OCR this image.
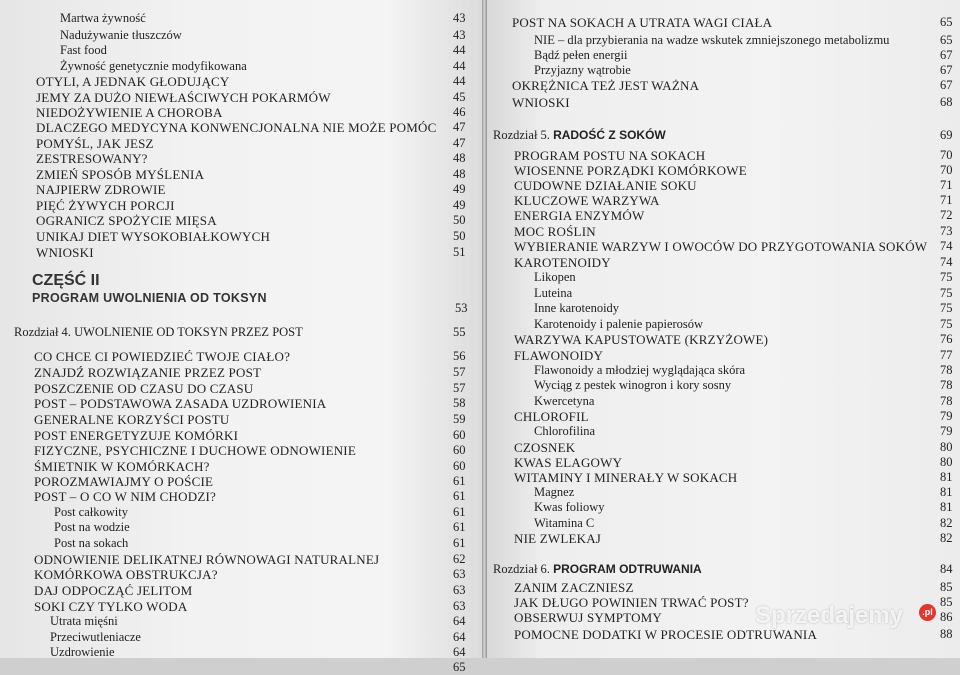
CZĘŚĆ II
PROGRAM UWOLNIENIA OD TOKSYN
53
Sprzedajemy	.pl
Martwa żywność	43
Nadużywanie tłuszczów	43
Fast food	44
Żywność genetycznie modyfikowana	44
OTYLI, A JEDNAK GŁODUJĄCY	44
JEMY ZA DUŻO NIEWŁAŚCIWYCH POKARMÓW	45
NIEDOŻYWIENIE A CHOROBA	46
DLACZEGO MEDYCYNA KONWENCJONALNA NIE MOŻE POMÓC 47
POMYŚL, JAK JESZ	47
ZESTRESOWANY?	48
ZMIEŃ SPOSÓB MYŚLENIA	48
NAJPIERW ZDROWIE	49
PIĘĆ ŻYWYCH PORCJI	49
OGRANICZ SPOŻYCIE MIĘSA	50
UNIKAJ DIET WYSOKOBIAŁKOWYCH	50
WNIOSKI	51
Rozdział 4. UWOLNIENIE OD TOKSYN PRZEZ POST	55
CO CHCE CI POWIEDZIEĆ TWOJE CIAŁO?	56
ZNAJDŹ ROZWIĄZANIE PRZEZ POST	57
POSZCZENIE OD CZASU DO CZASU	57
POST – PODSTAWOWA ZASADA UZDROWIENIA	58
GENERALNE KORZYŚCI POSTU	59
POST ENERGETYZUJE KOMÓRKI	60
FIZYCZNE, PSYCHICZNE I DUCHOWE ODNOWIENIE	60
ŚMIETNIK W KOMÓRKACH?	60
POROZMAWIAJMY O POŚCIE	61
POST – O CO W NIM CHODZI?	61
Post całkowity	61
Post na wodzie	61
Post na sokach	61
ODNOWIENIE DELIKATNEJ RÓWNOWAGI NATURALNEJ	62
KOMÓRKOWA OBSTRUKCJA?	63
DAJ ODPOCZĄĆ JELITOM	63
SOKI CZY TYLKO WODA	63
Utrata mięśni	64
Przeciwutleniacze	64
Uzdrowienie	64
65
POST NA SOKACH A UTRATA WAGI CIAŁA	65
NIE – dla przybierania na wadze wskutek zmniejszonego metabolizmu	65
Bądź pełen energii	67
Przyjazny wątrobie	67
OKRĘŻNICA TEŻ JEST WAŻNA	67
WNIOSKI	68
Rozdział 5. RADOŚĆ Z SOKÓW	69
PROGRAM POSTU NA SOKACH	70
WIOSENNE PORZĄDKI KOMÓRKOWE	70
CUDOWNE DZIAŁANIE SOKU	71
KLUCZOWE WARZYWA	71
ENERGIA ENZYMÓW	72
MOC ROŚLIN	73
WYBIERANIE WARZYW I OWOCÓW DO PRZYGOTOWANIA SOKÓW 74
KAROTENOIDY	74
Likopen	75
Luteina	75
Inne karotenoidy	75
Karotenoidy i palenie papierosów	75
WARZYWA KAPUSTOWATE (KRZYŻOWE)	76
FLAWONOIDY	77
Flawonoidy a młodziej wyglądająca skóra	78
Wyciąg z pestek winogron i kory sosny	78
Kwercetyna	78
CHLOROFIL	79
Chlorofilina	79
CZOSNEK	80
KWAS ELAGOWY	80
WITAMINY I MINERAŁY W SOKACH	81
Magnez	81
Kwas foliowy	81
Witamina C	82
NIE ZWLEKAJ	82
Rozdział 6. PROGRAM ODTRUWANIA	84
ZANIM ZACZNIESZ	85
JAK DŁUGO POWINIEN TRWAĆ POST?	85
OBSERWUJ SYMPTOMY	86
POMOCNE DODATKI W PROCESIE ODTRUWANIA	88
